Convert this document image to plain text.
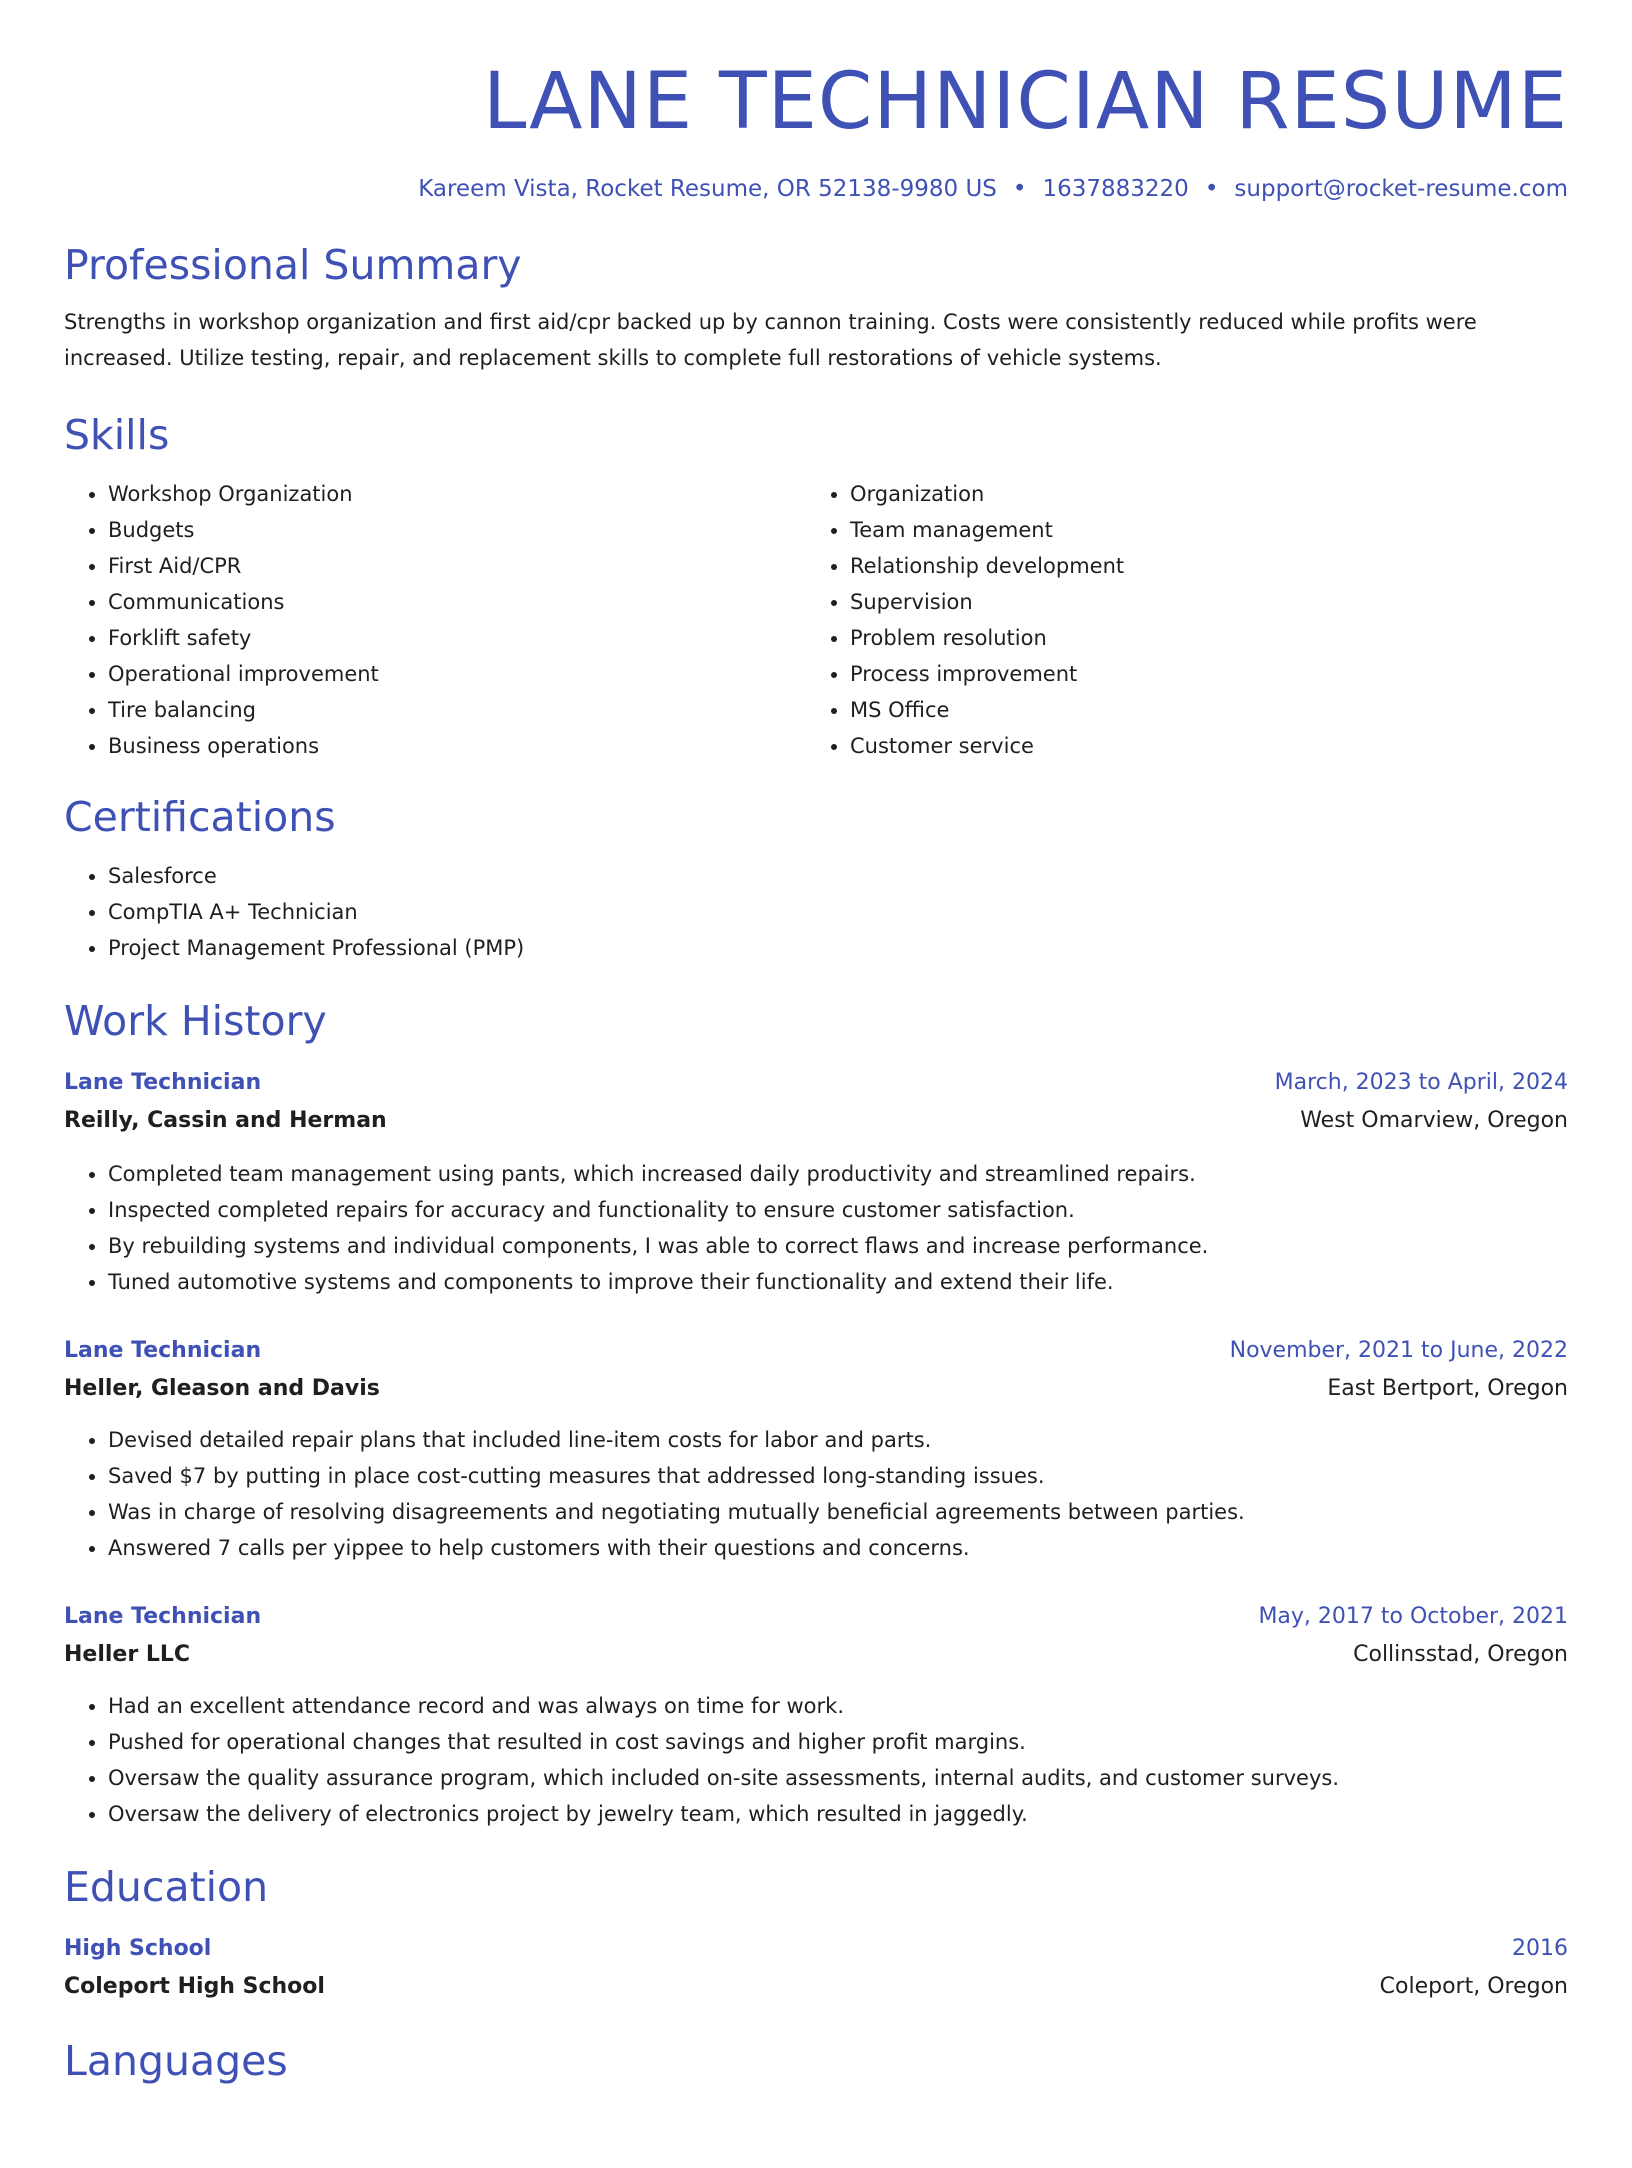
LANE TECHNICIAN RESUME
Kareem Vista, Rocket Resume, OR 52138-9980 US • 1637883220 • support@rocket-resume.com
Professional Summary
Strengths in workshop organization and first aid/cpr backed up by cannon training. Costs were consistently reduced while profits were increased. Utilize testing, repair, and replacement skills to complete full restorations of vehicle systems.
Skills
• Workshop Organization
• Budgets
• First Aid/CPR
• Communications
• Forklift safety
• Operational improvement
• Tire balancing
• Business operations
• Organization
• Team management
• Relationship development
• Supervision
• Problem resolution
• Process improvement
• MS Office
• Customer service
Certifications
• Salesforce
• CompTIA A+ Technician
• Project Management Professional (PMP)
Work History
Lane Technician	March, 2023 to April, 2024
Reilly, Cassin and Herman	West Omarview, Oregon
• Completed team management using pants, which increased daily productivity and streamlined repairs.
• Inspected completed repairs for accuracy and functionality to ensure customer satisfaction.
• By rebuilding systems and individual components, I was able to correct flaws and increase performance.
• Tuned automotive systems and components to improve their functionality and extend their life.
Lane Technician	November, 2021 to June, 2022
Heller, Gleason and Davis	East Bertport, Oregon
• Devised detailed repair plans that included line-item costs for labor and parts.
• Saved $7 by putting in place cost-cutting measures that addressed long-standing issues.
• Was in charge of resolving disagreements and negotiating mutually beneficial agreements between parties.
• Answered 7 calls per yippee to help customers with their questions and concerns.
Lane Technician	May, 2017 to October, 2021
Heller LLC	Collinsstad, Oregon
• Had an excellent attendance record and was always on time for work.
• Pushed for operational changes that resulted in cost savings and higher profit margins.
• Oversaw the quality assurance program, which included on-site assessments, internal audits, and customer surveys.
• Oversaw the delivery of electronics project by jewelry team, which resulted in jaggedly.
Education
High School	2016
Coleport High School	Coleport, Oregon
Languages
